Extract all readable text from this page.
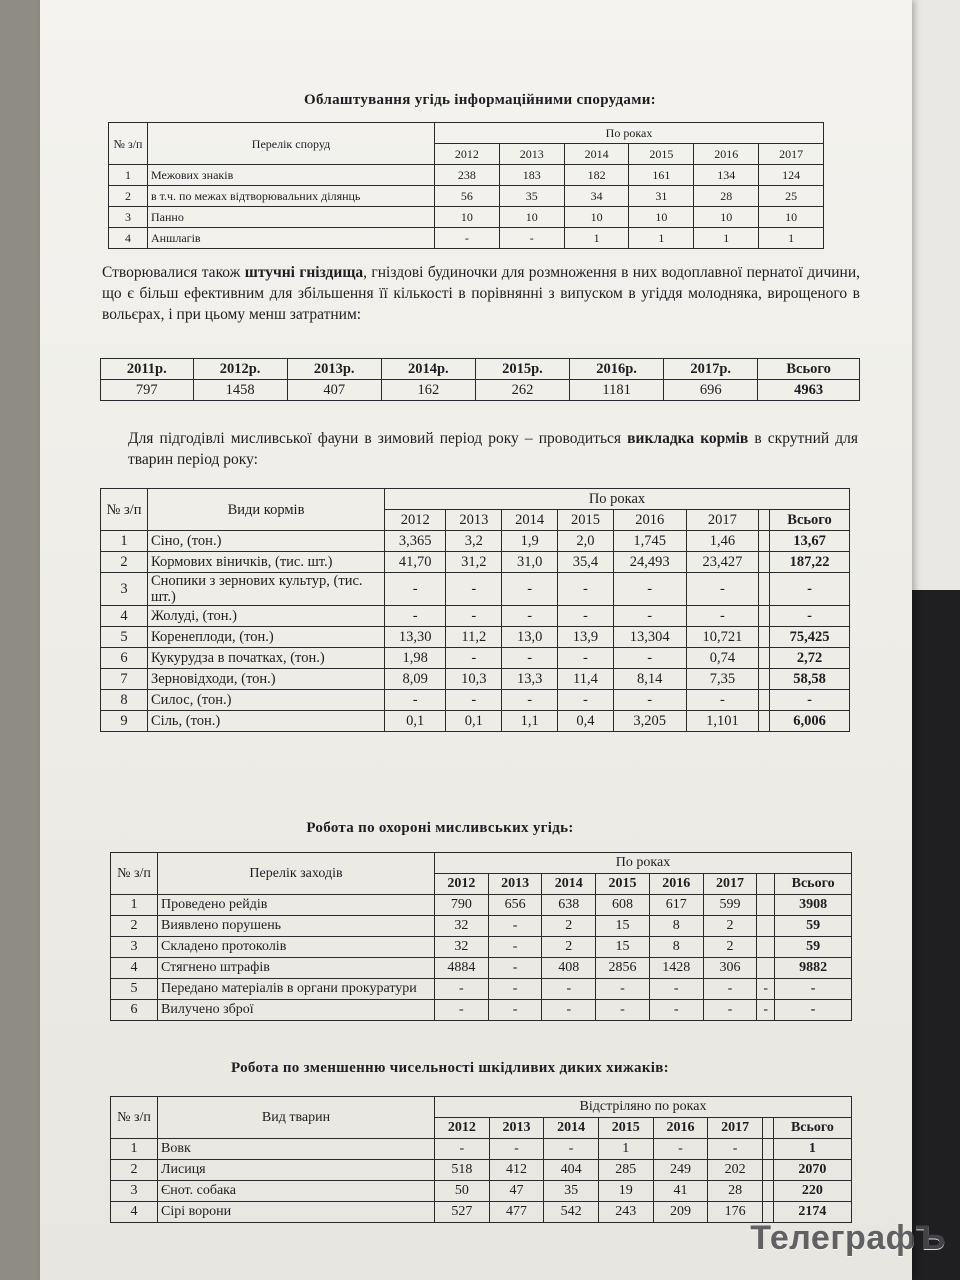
Облаштування угідь інформаційними спорудами:
№ з/п	Перелік споруд	По роках					
		2012	2013	2014	2015	2016	2017
1	Межових знаків	238	183	182	161	134	124
2	в т.ч. по межах відтворювальних ділянць	56	35	34	31	28	25
3	Панно	10	10	10	10	10	10
4	Аншлагів	-	-	1	1	1	1
Створювалися також штучні гніздища, гніздові будиночки для розмноження в них водоплавної пернатої дичини, що є більш ефективним для збільшення її кількості в порівнянні з випуском в угіддя молодняка, вирощеного в вольєрах, і при цьому менш затратним:
2011р.	2012р.	2013р.	2014р.	2015р.	2016р.	2017р.	Всього
797	1458	407	162	262	1181	696	4963
Для підгодівлі мисливської фауни в зимовий період року – проводиться викладка кормів в скрутний для тварин період року:
№ з/п	Види кормів	По роках							
		2012	2013	2014	2015	2016	2017		Всього
1	Сіно, (тон.)	3,365	3,2	1,9	2,0	1,745	1,46		13,67
2	Кормових віничків, (тис. шт.)	41,70	31,2	31,0	35,4	24,493	23,427		187,22
3	Снопики з зернових культур, (тис. шт.)	-	-	-	-	-	-		-
4	Жолуді, (тон.)	-	-	-	-	-	-		-
5	Коренеплоди, (тон.)	13,30	11,2	13,0	13,9	13,304	10,721		75,425
6	Кукурудза в початках, (тон.)	1,98	-	-	-	-	0,74		2,72
7	Зерновідходи, (тон.)	8,09	10,3	13,3	11,4	8,14	7,35		58,58
8	Силос, (тон.)	-	-	-	-	-	-		-
9	Сіль, (тон.)	0,1	0,1	1,1	0,4	3,205	1,101		6,006
Робота по охороні мисливських угідь:
№ з/п	Перелік заходів	По роках							
		2012	2013	2014	2015	2016	2017		Всього
1	Проведено рейдів	790	656	638	608	617	599		3908
2	Виявлено порушень	32	-	2	15	8	2		59
3	Складено протоколів	32	-	2	15	8	2		59
4	Стягнено штрафів	4884	-	408	2856	1428	306		9882
5	Передано матеріалів в органи прокуратури	-	-	-	-	-	-	-	-
6	Вилучено зброї	-	-	-	-	-	-	-	-
Робота по зменшенню чисельності шкідливих диких хижаків:
№ з/п	Вид тварин	Відстріляно по роках							
		2012	2013	2014	2015	2016	2017		Всього
1	Вовк	-	-	-	1	-	-		1
2	Лисиця	518	412	404	285	249	202		2070
3	Єнот. собака	50	47	35	19	41	28		220
4	Сірі ворони	527	477	542	243	209	176		2174
ТелеграфЪ
